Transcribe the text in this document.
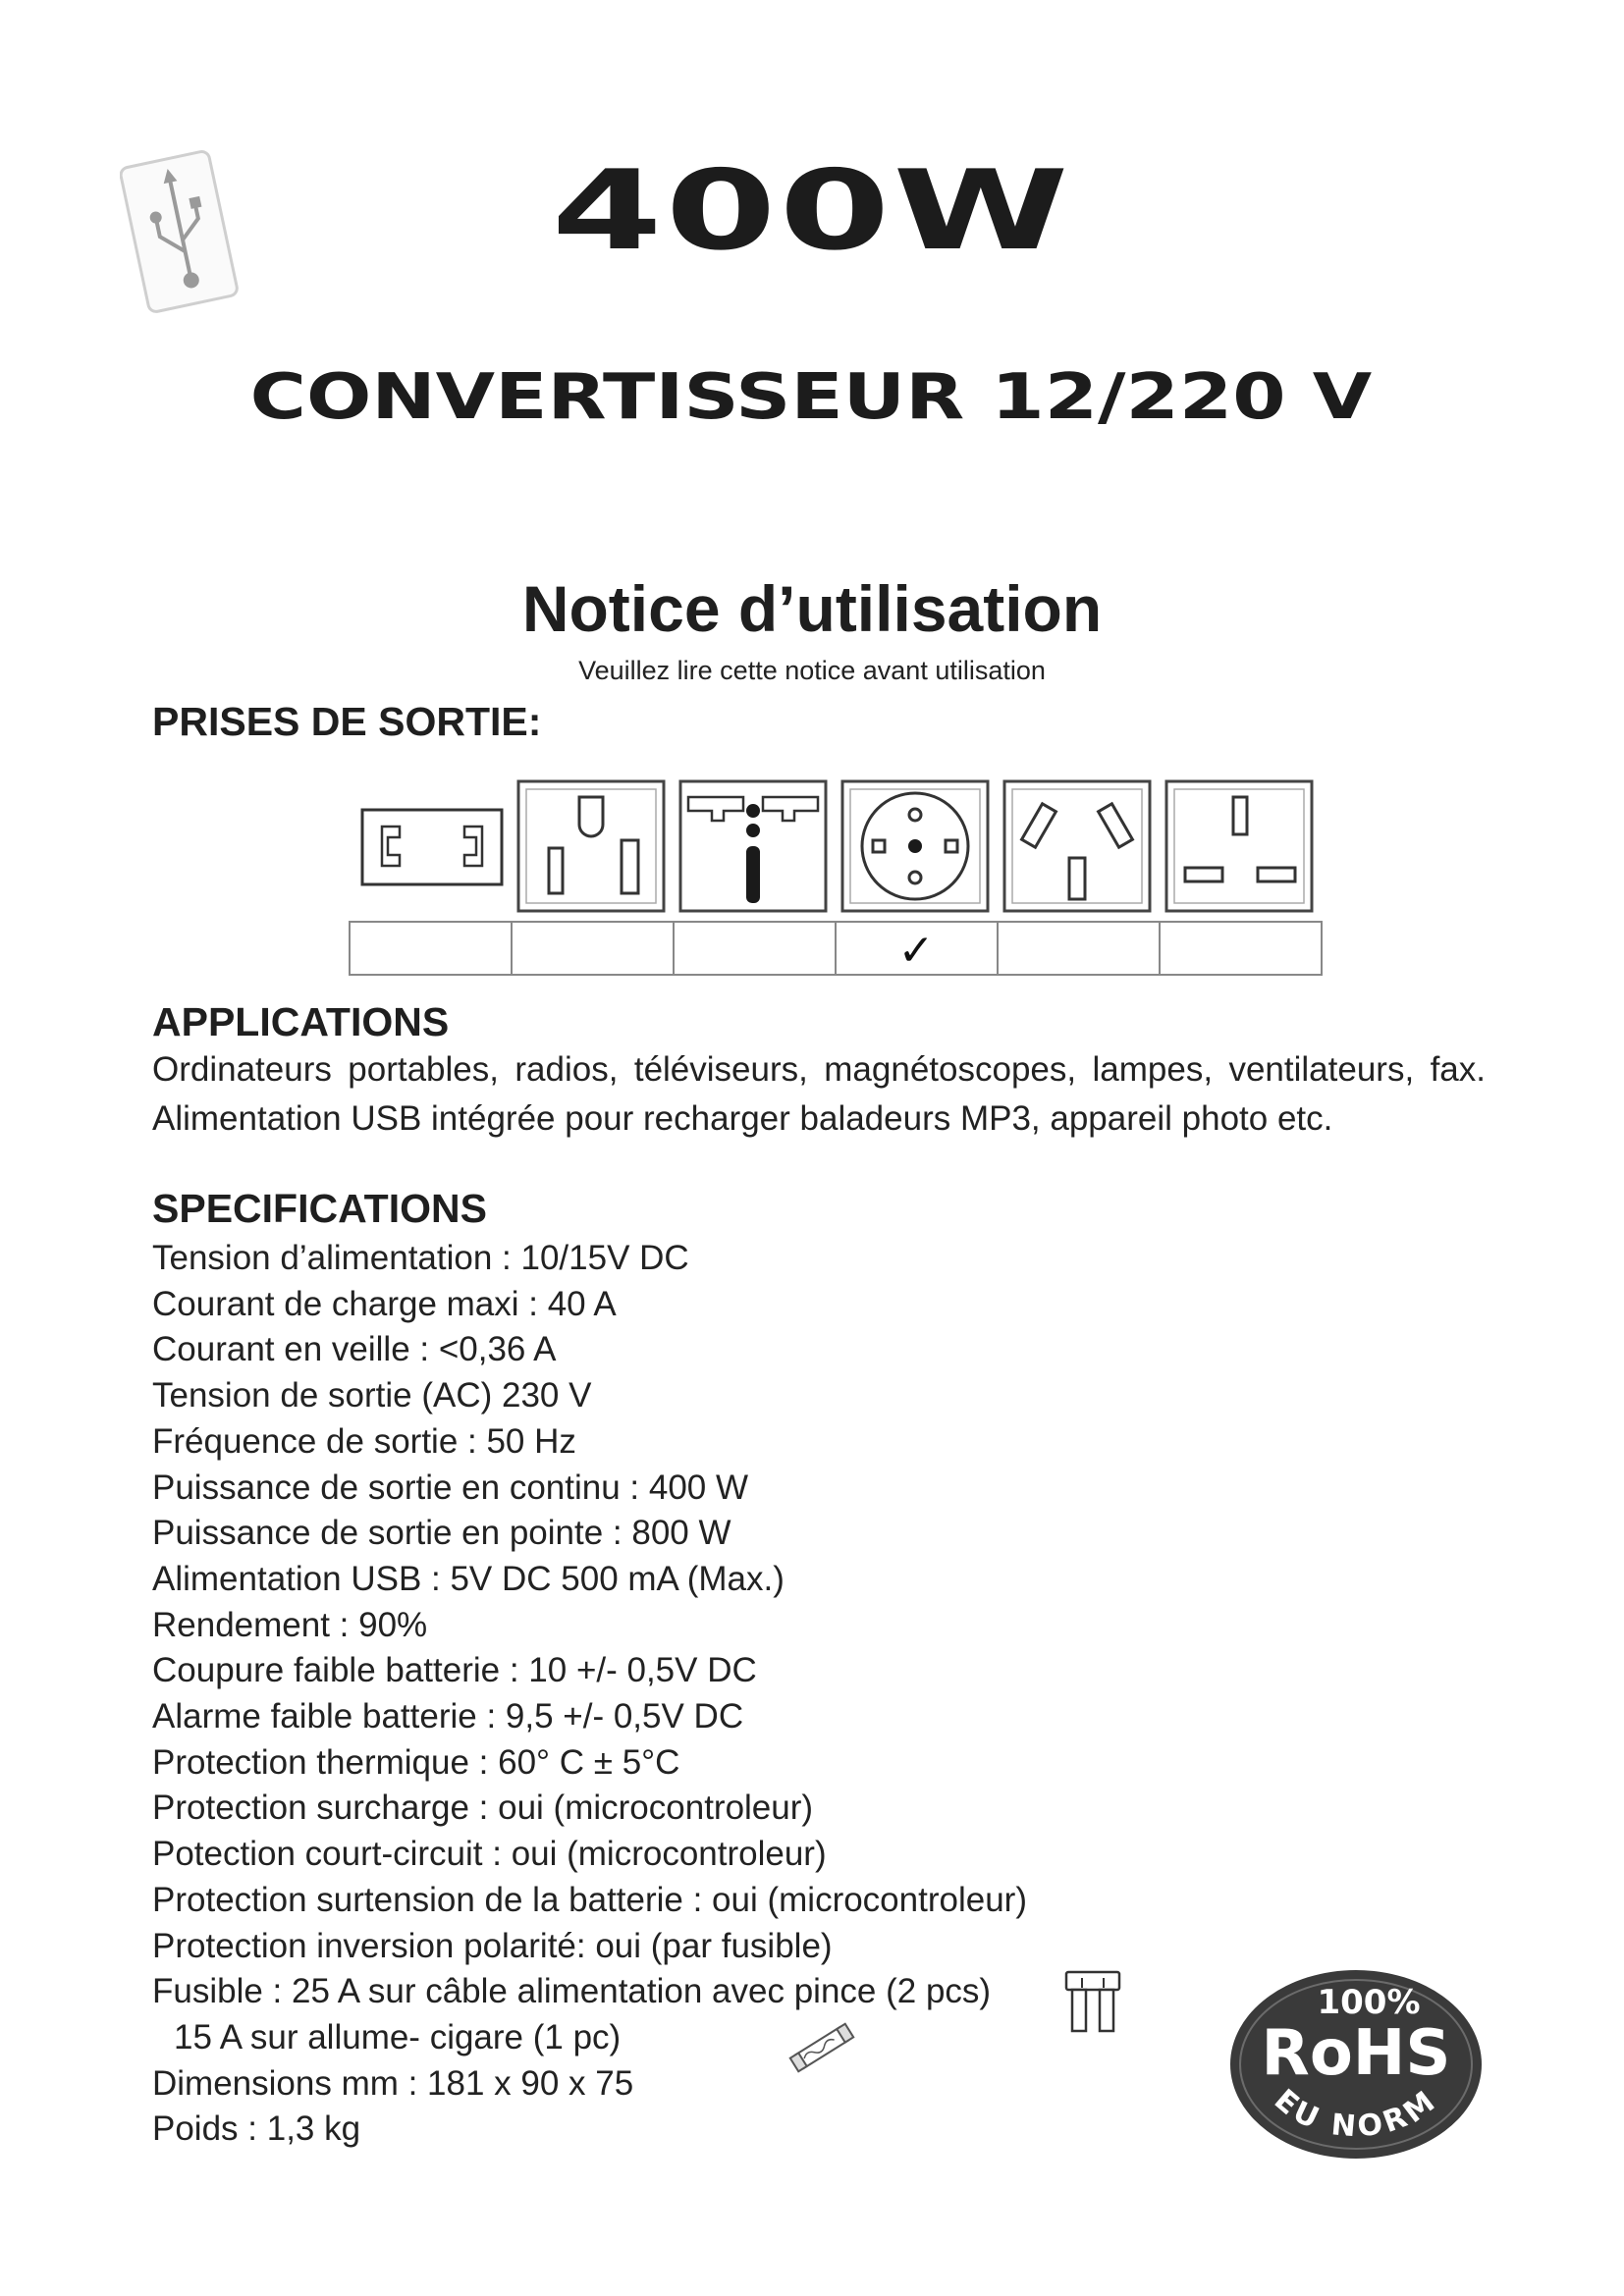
400W
CONVERTISSEUR 12/220 V
Notice d’utilisation
Veuillez lire cette notice avant utilisation
PRISES DE SORTIE:
✓
APPLICATIONS
Ordinateurs portables, radios, téléviseurs, magnétoscopes, lampes, ventilateurs, fax. Alimentation USB intégrée pour recharger baladeurs MP3, appareil photo etc.
SPECIFICATIONS
Tension d’alimentation : 10/15V DC
Courant de charge maxi : 40 A
Courant en veille : <0,36 A
Tension de sortie (AC) 230 V
Fréquence de sortie : 50 Hz
Puissance de sortie en continu : 400 W
Puissance de sortie en pointe : 800 W
Alimentation USB : 5V DC 500 mA (Max.)
Rendement : 90%
Coupure faible batterie : 10 +/- 0,5V DC
Alarme faible batterie : 9,5 +/- 0,5V DC
Protection thermique : 60° C ± 5°C
Protection surcharge : oui (microcontroleur)
Potection court-circuit : oui (microcontroleur)
Protection surtension de la batterie : oui (microcontroleur)
Protection inversion polarité: oui (par fusible)
Fusible : 25 A sur câble alimentation avec pince (2 pcs)
15 A sur allume- cigare (1 pc)
Dimensions mm : 181 x 90 x 75
Poids : 1,3 kg
100%
RoHS
EU NORM
